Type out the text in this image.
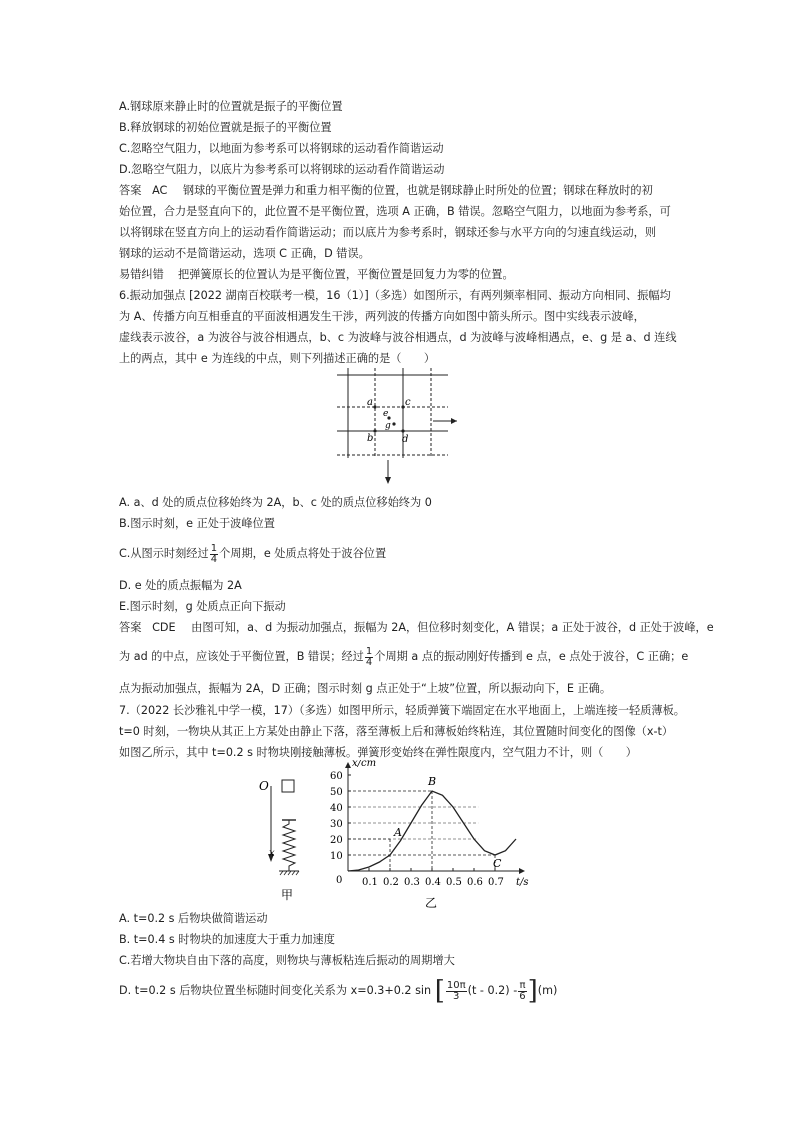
A.钢球原来静止时的位置就是振子的平衡位置
B.释放钢球的初始位置就是振子的平衡位置
C.忽略空气阻力，以地面为参考系可以将钢球的运动看作简谐运动
D.忽略空气阻力，以底片为参考系可以将钢球的运动看作简谐运动
答案 AC 钢球的平衡位置是弹力和重力相平衡的位置，也就是钢球静止时所处的位置；钢球在释放时的初
始位置，合力是竖直向下的，此位置不是平衡位置，选项 A 正确，B 错误。忽略空气阻力，以地面为参考系，可
以将钢球在竖直方向上的运动看作简谐运动；而以底片为参考系时，钢球还参与水平方向的匀速直线运动，则
钢球的运动不是简谐运动，选项 C 正确，D 错误。
易错纠错 把弹簧原长的位置认为是平衡位置，平衡位置是回复力为零的位置。
6.振动加强点 [2022 湖南百校联考一模，16（1）]（多选）如图所示，有两列频率相同、振动方向相同、振幅均
为 A、传播方向互相垂直的平面波相遇发生干涉，两列波的传播方向如图中箭头所示。图中实线表示波峰，
虚线表示波谷，a 为波谷与波谷相遇点，b、c 为波峰与波谷相遇点，d 为波峰与波峰相遇点，e、g 是 a、d 连线
上的两点，其中 e 为连线的中点，则下列描述正确的是（　　）
a	c
b	d
e
g
A. a、d 处的质点位移始终为 2A，b、c 处的质点位移始终为 0
B.图示时刻，e 正处于波峰位置
C.从图示时刻经过 $\frac{1}{4}$ 个周期，e 处质点将处于波谷位置
D. e 处的质点振幅为 2A
E.图示时刻，g 处质点正向下振动
答案 CDE 由图可知，a、d 为振动加强点，振幅为 2A，但位移时刻变化，A 错误；a 正处于波谷，d 正处于波峰，e
为 ad 的中点，应该处于平衡位置，B 错误；经过 $\frac{1}{4}$ 个周期 a 点的振动刚好传播到 e 点，e 点处于波谷，C 正确；e
点为振动加强点，振幅为 2A，D 正确；图示时刻 g 点正处于“上坡”位置，所以振动向下，E 正确。
7.（2022 长沙雅礼中学一模，17）（多选）如图甲所示，轻质弹簧下端固定在水平地面上，上端连接一轻质薄板。
t=0 时刻，一物块从其正上方某处由静止下落，落至薄板上后和薄板始终粘连，其位置随时间变化的图像（x-t）
如图乙所示，其中 t=0.2 s 时物块刚接触薄板。弹簧形变始终在弹性限度内，空气阻力不计，则（　　）
O
x
甲
x/cm
t/s
0
10
20
30
40
50
60
0.1 0.2 0.3 0.4 0.5 0.6 0.7
A
B
C
乙
A. t=0.2 s 后物块做简谐运动
B. t=0.4 s 时物块的加速度大于重力加速度
C.若增大物块自由下落的高度，则物块与薄板粘连后振动的周期增大
D. t=0.2 s 后物块位置坐标随时间变化关系为 x=0.3+0.2 sin [ $\frac{10\pi}{3} (t - 0.2) - \frac{\pi}{6} ](m)$
